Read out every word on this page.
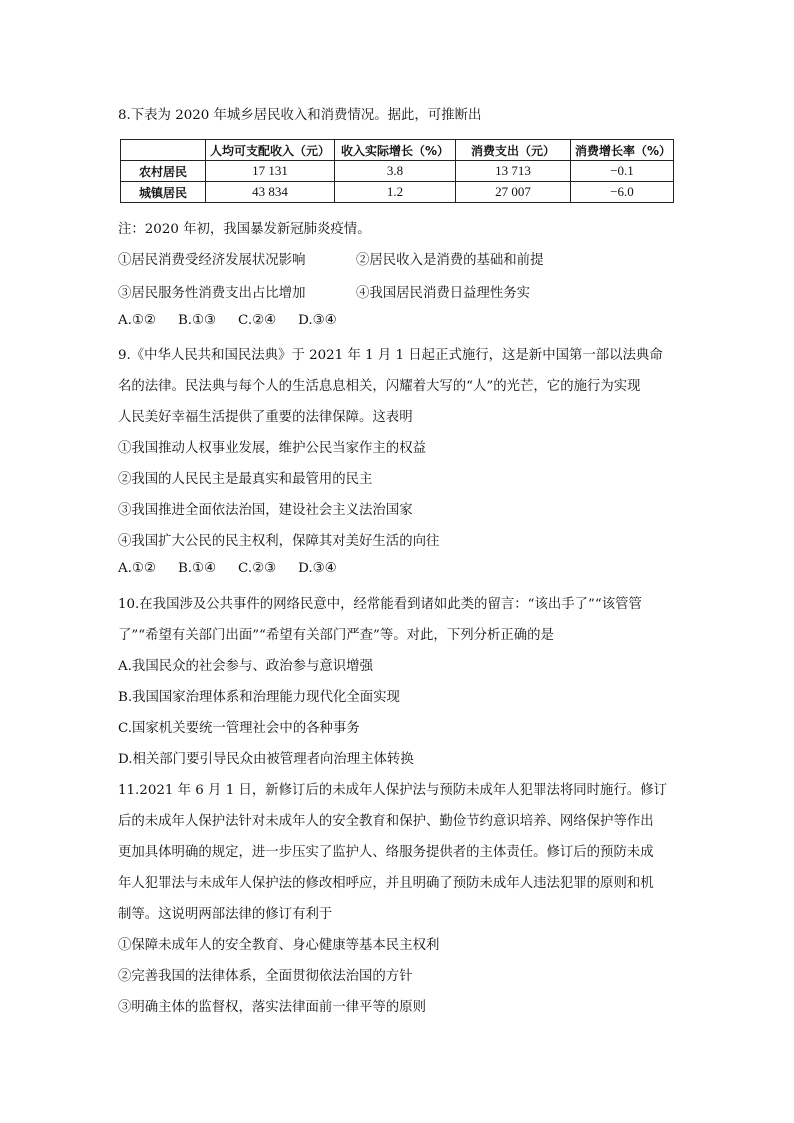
8.下表为 2020 年城乡居民收入和消费情况。据此，可推断出
	人均可支配收入（元）	收入实际增长（%）	消费支出（元）	消费增长率（%）
农村居民	17 131	3.8	13 713	−0.1
城镇居民	43 834	1.2	27 007	−6.0
注：2020 年初，我国暴发新冠肺炎疫情。
①居民消费受经济发展状况影响	②居民收入是消费的基础和前提
③居民服务性消费支出占比增加	④我国居民消费日益理性务实
A.①② B.①③ C.②④ D.③④
9.《中华人民共和国民法典》于 2021 年 1 月 1 日起正式施行，这是新中国第一部以法典命
名的法律。民法典与每个人的生活息息相关，闪耀着大写的“人”的光芒，它的施行为实现
人民美好幸福生活提供了重要的法律保障。这表明
①我国推动人权事业发展，维护公民当家作主的权益
②我国的人民民主是最真实和最管用的民主
③我国推进全面依法治国，建设社会主义法治国家
④我国扩大公民的民主权利，保障其对美好生活的向往
A.①② B.①④ C.②③ D.③④
10.在我国涉及公共事件的网络民意中，经常能看到诸如此类的留言：“该出手了”“该管管
了”“希望有关部门出面”“希望有关部门严查”等。对此，下列分析正确的是
A.我国民众的社会参与、政治参与意识增强
B.我国国家治理体系和治理能力现代化全面实现
C.国家机关要统一管理社会中的各种事务
D.相关部门要引导民众由被管理者向治理主体转换
11.2021 年 6 月 1 日，新修订后的未成年人保护法与预防未成年人犯罪法将同时施行。修订
后的未成年人保护法针对未成年人的安全教育和保护、勤俭节约意识培养、网络保护等作出
更加具体明确的规定，进一步压实了监护人、络服务提供者的主体责任。修订后的预防未成
年人犯罪法与未成年人保护法的修改相呼应，并且明确了预防未成年人违法犯罪的原则和机
制等。这说明两部法律的修订有利于
①保障未成年人的安全教育、身心健康等基本民主权利
②完善我国的法律体系，全面贯彻依法治国的方针
③明确主体的监督权，落实法律面前一律平等的原则
